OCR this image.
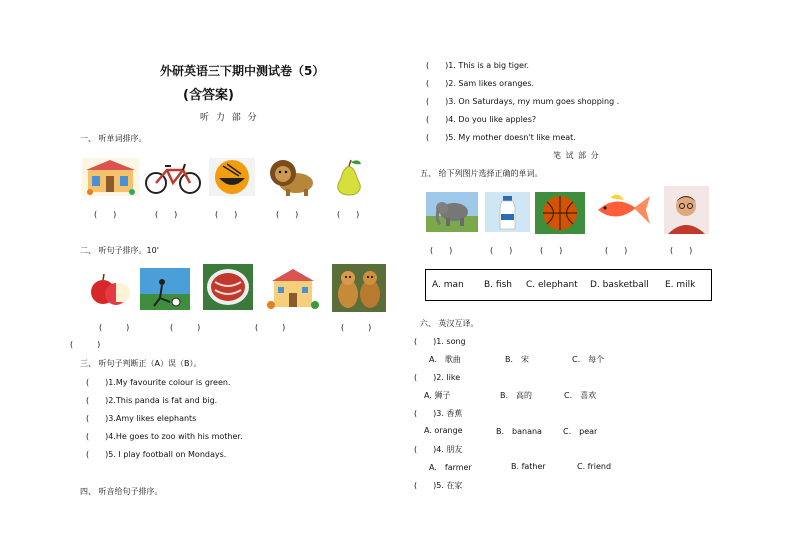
外研英语三下期中测试卷（5）
(含答案)
听 力 部 分
一、 听单词排序。
(　　)	(　　)	(　　)	(　　)	(　　)
二、 听句子排序。10'
(　　　)	(　　　)	(　　　)	(　　　)
(　　　)
三、 听句子判断正（A）误（B）。
(　　)1.My favourite colour is green.
(　　)2.This panda is fat and big.
(　　)3.Amy likes elephants
(　　)4.He goes to zoo with his mother.
(　　)5. I play football on Mondays.
四、 听音给句子排序。
(　　)1. This is a big tiger.
(　　)2. Sam likes oranges.
(　　)3. On Saturdays, my mum goes shopping .
(　　)4. Do you like apples?
(　　)5. My mother doesn't like meat.
笔 试 部 分
五、 给下列图片选择正确的单词。
(　　)	(　　)	(　　)	(　　)	(　　)
A. man B. fish C. elephant D. basketball E. milk
六、 英汉互译。
(　　)1. song
A.　歌曲	B.　宋	C.　每个
(　　)2. like
A. 狮子	B.　高的	C.　喜欢
(　　)3. 香蕉
A. orange	B.　banana	C.　pear
(　　)4. 朋友
A.　farmer	B. father	C. friend
(　　)5. 在家
